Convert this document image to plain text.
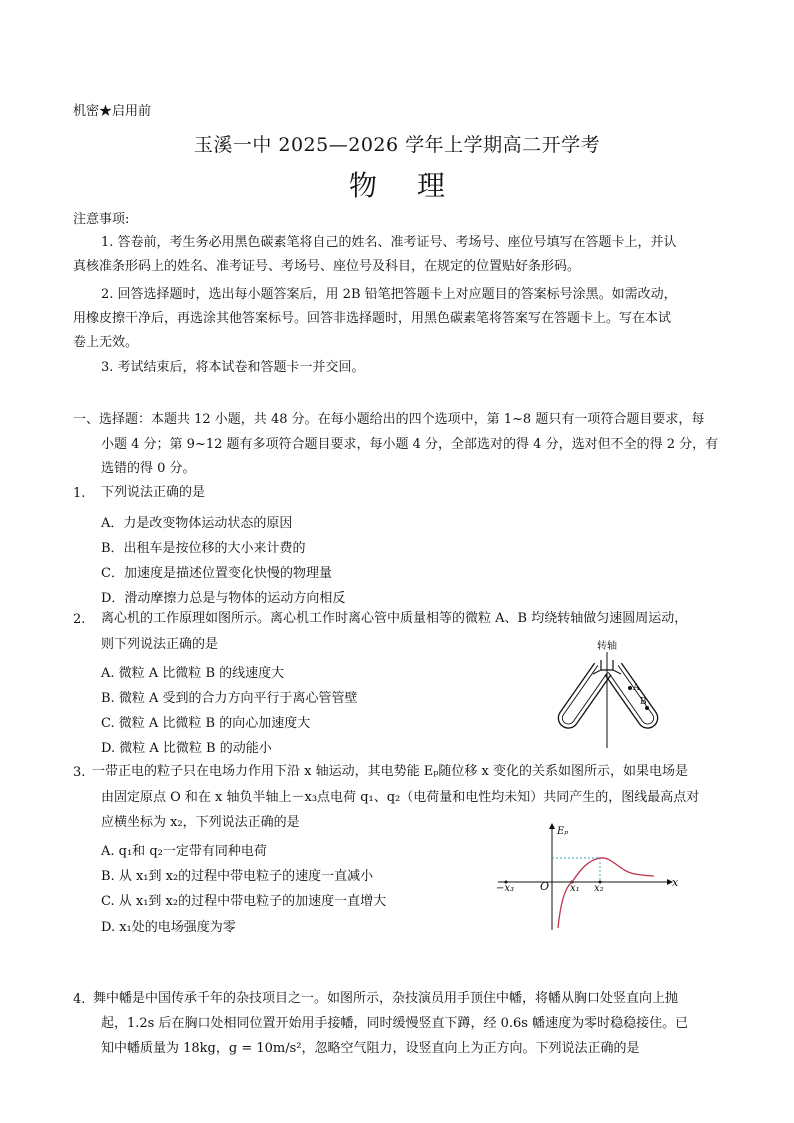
机密★启用前
玉溪一中 2025—2026 学年上学期高二开学考
物理
注意事项:
1. 答卷前，考生务必用黑色碳素笔将自己的姓名、准考证号、考场号、座位号填写在答题卡上，并认
真核准条形码上的姓名、准考证号、考场号、座位号及科目，在规定的位置贴好条形码。
2. 回答选择题时，选出每小题答案后，用 2B 铅笔把答题卡上对应题目的答案标号涂黑。如需改动，
用橡皮擦干净后，再选涂其他答案标号。回答非选择题时，用黑色碳素笔将答案写在答题卡上。写在本试
卷上无效。
3. 考试结束后，将本试卷和答题卡一并交回。
一、选择题：本题共 12 小题，共 48 分。在每小题给出的四个选项中，第 1~8 题只有一项符合题目要求，每
小题 4 分；第 9~12 题有多项符合题目要求，每小题 4 分，全部选对的得 4 分，选对但不全的得 2 分，有
选错的得 0 分。
1. 下列说法正确的是
A．力是改变物体运动状态的原因
B．出租车是按位移的大小来计费的
C．加速度是描述位置变化快慢的物理量
D．滑动摩擦力总是与物体的运动方向相反
2. 离心机的工作原理如图所示。离心机工作时离心管中质量相等的微粒 A、B 均绕转轴做匀速圆周运动，
则下列说法正确的是
A. 微粒 A 比微粒 B 的线速度大
B. 微粒 A 受到的合力方向平行于离心管管壁
C. 微粒 A 比微粒 B 的向心加速度大
D. 微粒 A 比微粒 B 的动能小
转轴
A
B
3. 一带正电的粒子只在电场力作用下沿 x 轴运动，其电势能 Eₚ随位移 x 变化的关系如图所示，如果电场是
由固定原点 O 和在 x 轴负半轴上－x₃点电荷 q₁、q₂（电荷量和电性均未知）共同产生的，图线最高点对
应横坐标为 x₂，下列说法正确的是
A. q₁和 q₂一定带有同种电荷
B. 从 x₁到 x₂的过程中带电粒子的速度一直减小
C. 从 x₁到 x₂的过程中带电粒子的加速度一直增大
D. x₁处的电场强度为零
Eₚ
x
O
−x₃	x₁ x₂
4. 舞中幡是中国传承千年的杂技项目之一。如图所示，杂技演员用手顶住中幡，将幡从胸口处竖直向上抛
起，1.2s 后在胸口处相同位置开始用手接幡，同时缓慢竖直下蹲，经 0.6s 幡速度为零时稳稳接住。已
知中幡质量为 18kg，g = 10m/s²，忽略空气阻力，设竖直向上为正方向。下列说法正确的是
